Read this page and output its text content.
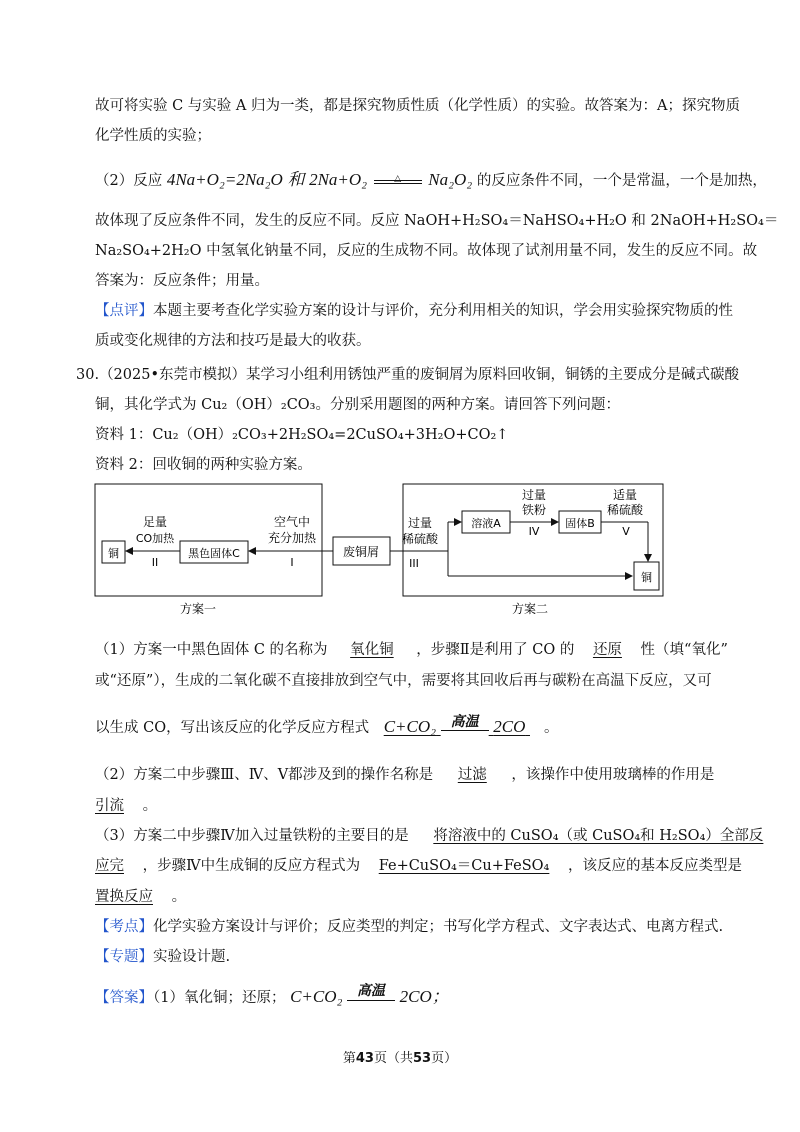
故可将实验 C 与实验 A 归为一类，都是探究物质性质（化学性质）的实验。故答案为：A；探究物质
化学性质的实验；
（2）反应 4Na+O₂=2Na₂O 和 2Na+O₂	△	Na₂O₂ 的反应条件不同，一个是常温，一个是加热，
故体现了反应条件不同，发生的反应不同。反应 NaOH+H₂SO₄＝NaHSO₄+H₂O 和 2NaOH+H₂SO₄＝
Na₂SO₄+2H₂O 中氢氧化钠量不同，反应的生成物不同。故体现了试剂用量不同，发生的反应不同。故
答案为：反应条件；用量。
【点评】本题主要考查化学实验方案的设计与评价，充分利用相关的知识，学会用实验探究物质的性
质或变化规律的方法和技巧是最大的收获。
30.（2025•东莞市模拟）某学习小组利用锈蚀严重的废铜屑为原料回收铜，铜锈的主要成分是碱式碳酸
铜，其化学式为 Cu₂（OH）₂CO₃。分别采用题图的两种方案。请回答下列问题：
资料 1：Cu₂（OH）₂CO₃+2H₂SO₄=2CuSO₄+3H₂O+CO₂↑
资料 2：回收铜的两种实验方案。
废铜屑
黑色固体C
铜
空气中
充分加热
I
足量
CO加热
II
过量
稀硫酸
III
溶液A
过量
铁粉
IV
固体B
适量
稀硫酸
V
铜
方案一	方案二
（1）方案一中黑色固体 C 的名称为 氧化铜 ，步骤Ⅱ是利用了 CO 的 还原 性（填“氧化”
或“还原”），生成的二氧化碳不直接排放到空气中，需要将其回收后再与碳粉在高温下反应，又可
以生成 CO，写出该反应的化学反应方程式 C+CO₂	高温 2CO 。
（2）方案二中步骤Ⅲ、Ⅳ、Ⅴ都涉及到的操作名称是 过滤 ，该操作中使用玻璃棒的作用是
引流 。
（3）方案二中步骤Ⅳ加入过量铁粉的主要目的是 将溶液中的 CuSO₄（或 CuSO₄和 H₂SO₄）全部反
应完 ，步骤Ⅳ中生成铜的反应方程式为 Fe+CuSO₄＝Cu+FeSO₄ ，该反应的基本反应类型是
置换反应 。
【考点】化学实验方案设计与评价；反应类型的判定；书写化学方程式、文字表达式、电离方程式.
【专题】实验设计题.
【答案】（1）氧化铜；还原； C+CO₂	高温 2CO；
第43页（共53页）
